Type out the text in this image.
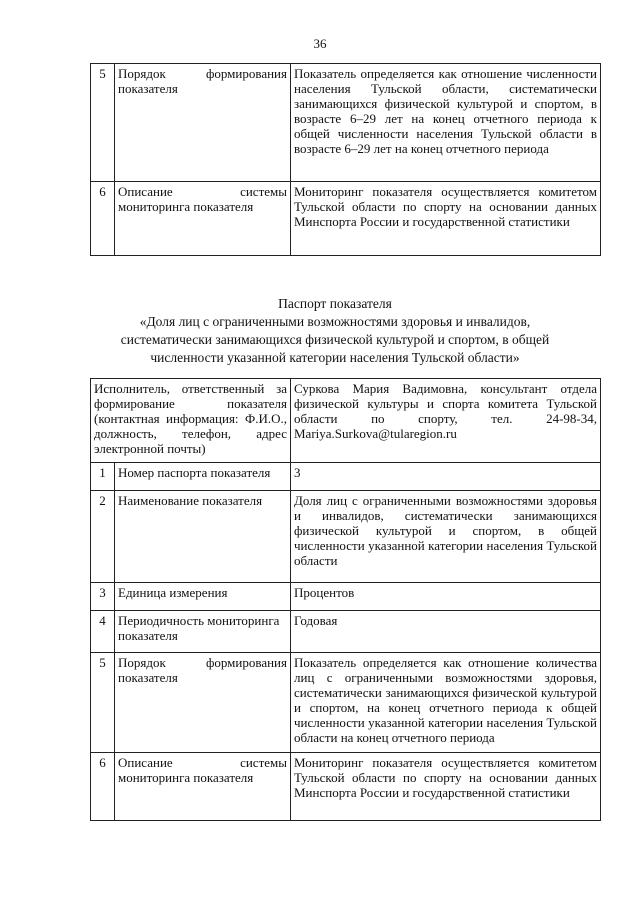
36
5	Порядок формирования показателя	Показатель определяется как отношение численности населения Тульской области, систематически занимающихся физической культурой и спортом, в возрасте 6–29 лет на конец отчетного периода к общей численности населения Тульской области в возрасте 6–29 лет на конец отчетного периода
6	Описание системы мониторинга показателя	Мониторинг показателя осуществляется комитетом Тульской области по спорту на основании данных Минспорта России и государственной статистики
Паспорт показателя
«Доля лиц с ограниченными возможностями здоровья и инвалидов,
систематически занимающихся физической культурой и спортом, в общей
численности указанной категории населения Тульской области»
Исполнитель, ответственный за формирование показателя (контактная информация: Ф.И.О., должность, телефон, адрес электронной почты)		Суркова Мария Вадимовна, консультант отдела физической культуры и спорта комитета Тульской области по спорту, тел. 24-98-34, Mariya.Surkova@tularegion.ru
1	Номер паспорта показателя	3
2	Наименование показателя	Доля лиц с ограниченными возможностями здоровья и инвалидов, систематически занимающихся физической культурой и спортом, в общей численности указанной категории населения Тульской области
3	Единица измерения	Процентов
4	Периодичность мониторинга показателя	Годовая
5	Порядок формирования показателя	Показатель определяется как отношение количества лиц с ограниченными возможностями здоровья, систематически занимающихся физической культурой и спортом, на конец отчетного периода к общей численности указанной категории населения Тульской области на конец отчетного периода
6	Описание системы мониторинга показателя	Мониторинг показателя осуществляется комитетом Тульской области по спорту на основании данных Минспорта России и государственной статистики
